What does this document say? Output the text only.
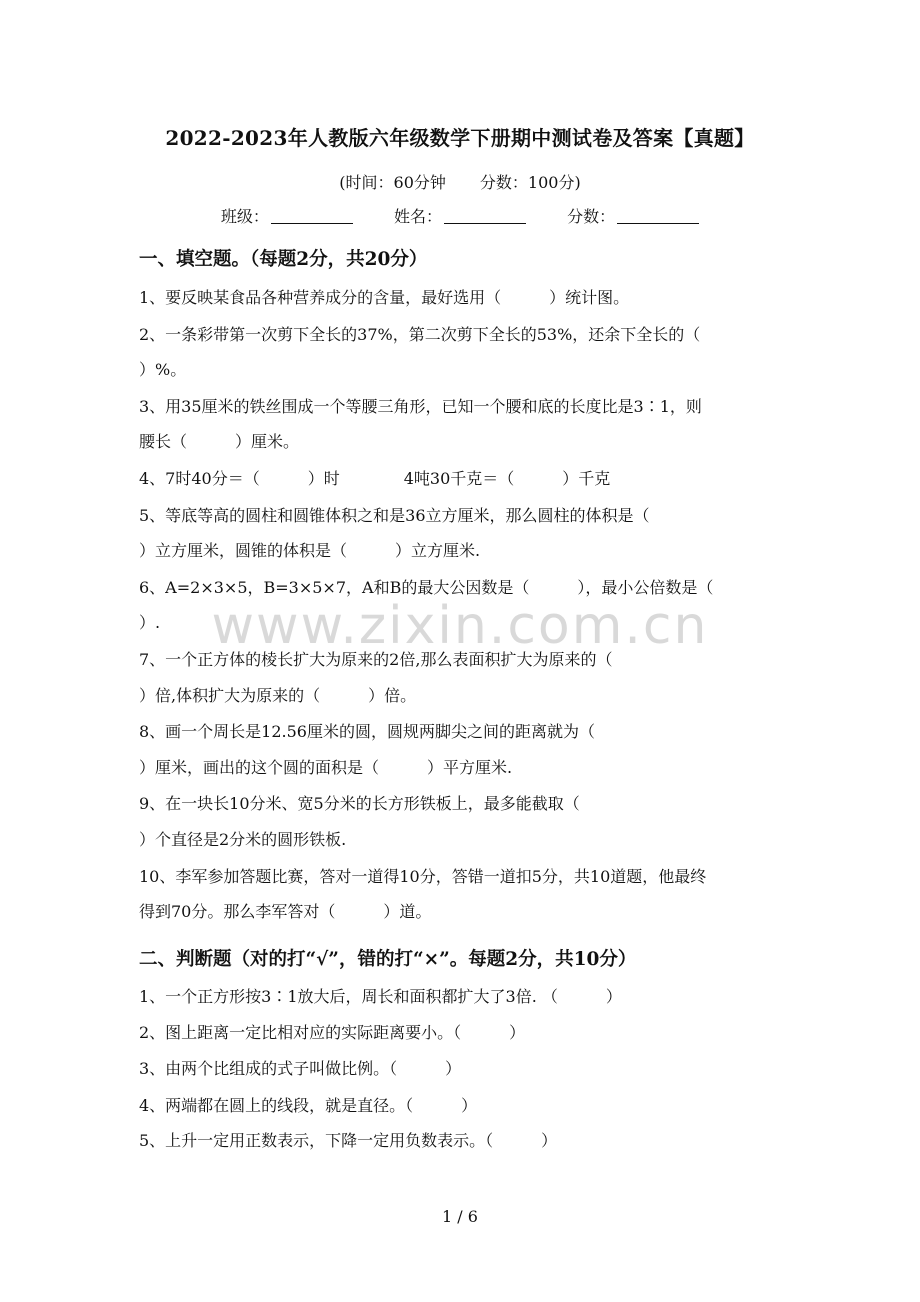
2022-2023年人教版六年级数学下册期中测试卷及答案【真题】
(时间：60分钟 分数：100分)
班级：	姓名：	分数：
一、填空题。（每题2分，共20分）
1、要反映某食品各种营养成分的含量，最好选用（　　　）统计图。
2、一条彩带第一次剪下全长的37%，第二次剪下全长的53%，还余下全长的（
）%。
3、用35厘米的铁丝围成一个等腰三角形，已知一个腰和底的长度比是3∶1，则
腰长（　　　）厘米。
4、7时40分＝（　　　）时　　　　4吨30千克＝（　　　）千克
5、等底等高的圆柱和圆锥体积之和是36立方厘米，那么圆柱的体积是（
）立方厘米，圆锥的体积是（　　　）立方厘米.
6、A=2×3×5，B=3×5×7，A和B的最大公因数是（　　　），最小公倍数是（
）.
7、一个正方体的棱长扩大为原来的2倍,那么表面积扩大为原来的（
）倍,体积扩大为原来的（　　　）倍。
8、画一个周长是12.56厘米的圆，圆规两脚尖之间的距离就为（
）厘米，画出的这个圆的面积是（　　　）平方厘米.
9、在一块长10分米、宽5分米的长方形铁板上，最多能截取（
）个直径是2分米的圆形铁板.
10、李军参加答题比赛，答对一道得10分，答错一道扣5分，共10道题，他最终
得到70分。那么李军答对（　　　）道。
二、判断题（对的打“√”，错的打“×”。每题2分，共10分）
1、一个正方形按3∶1放大后，周长和面积都扩大了3倍. （　　　）
2、图上距离一定比相对应的实际距离要小。（　　　）
3、由两个比组成的式子叫做比例。（　　　）
4、两端都在圆上的线段，就是直径。（　　　）
5、上升一定用正数表示，下降一定用负数表示。（　　　）
www.zixin.com.cn
1 / 6
